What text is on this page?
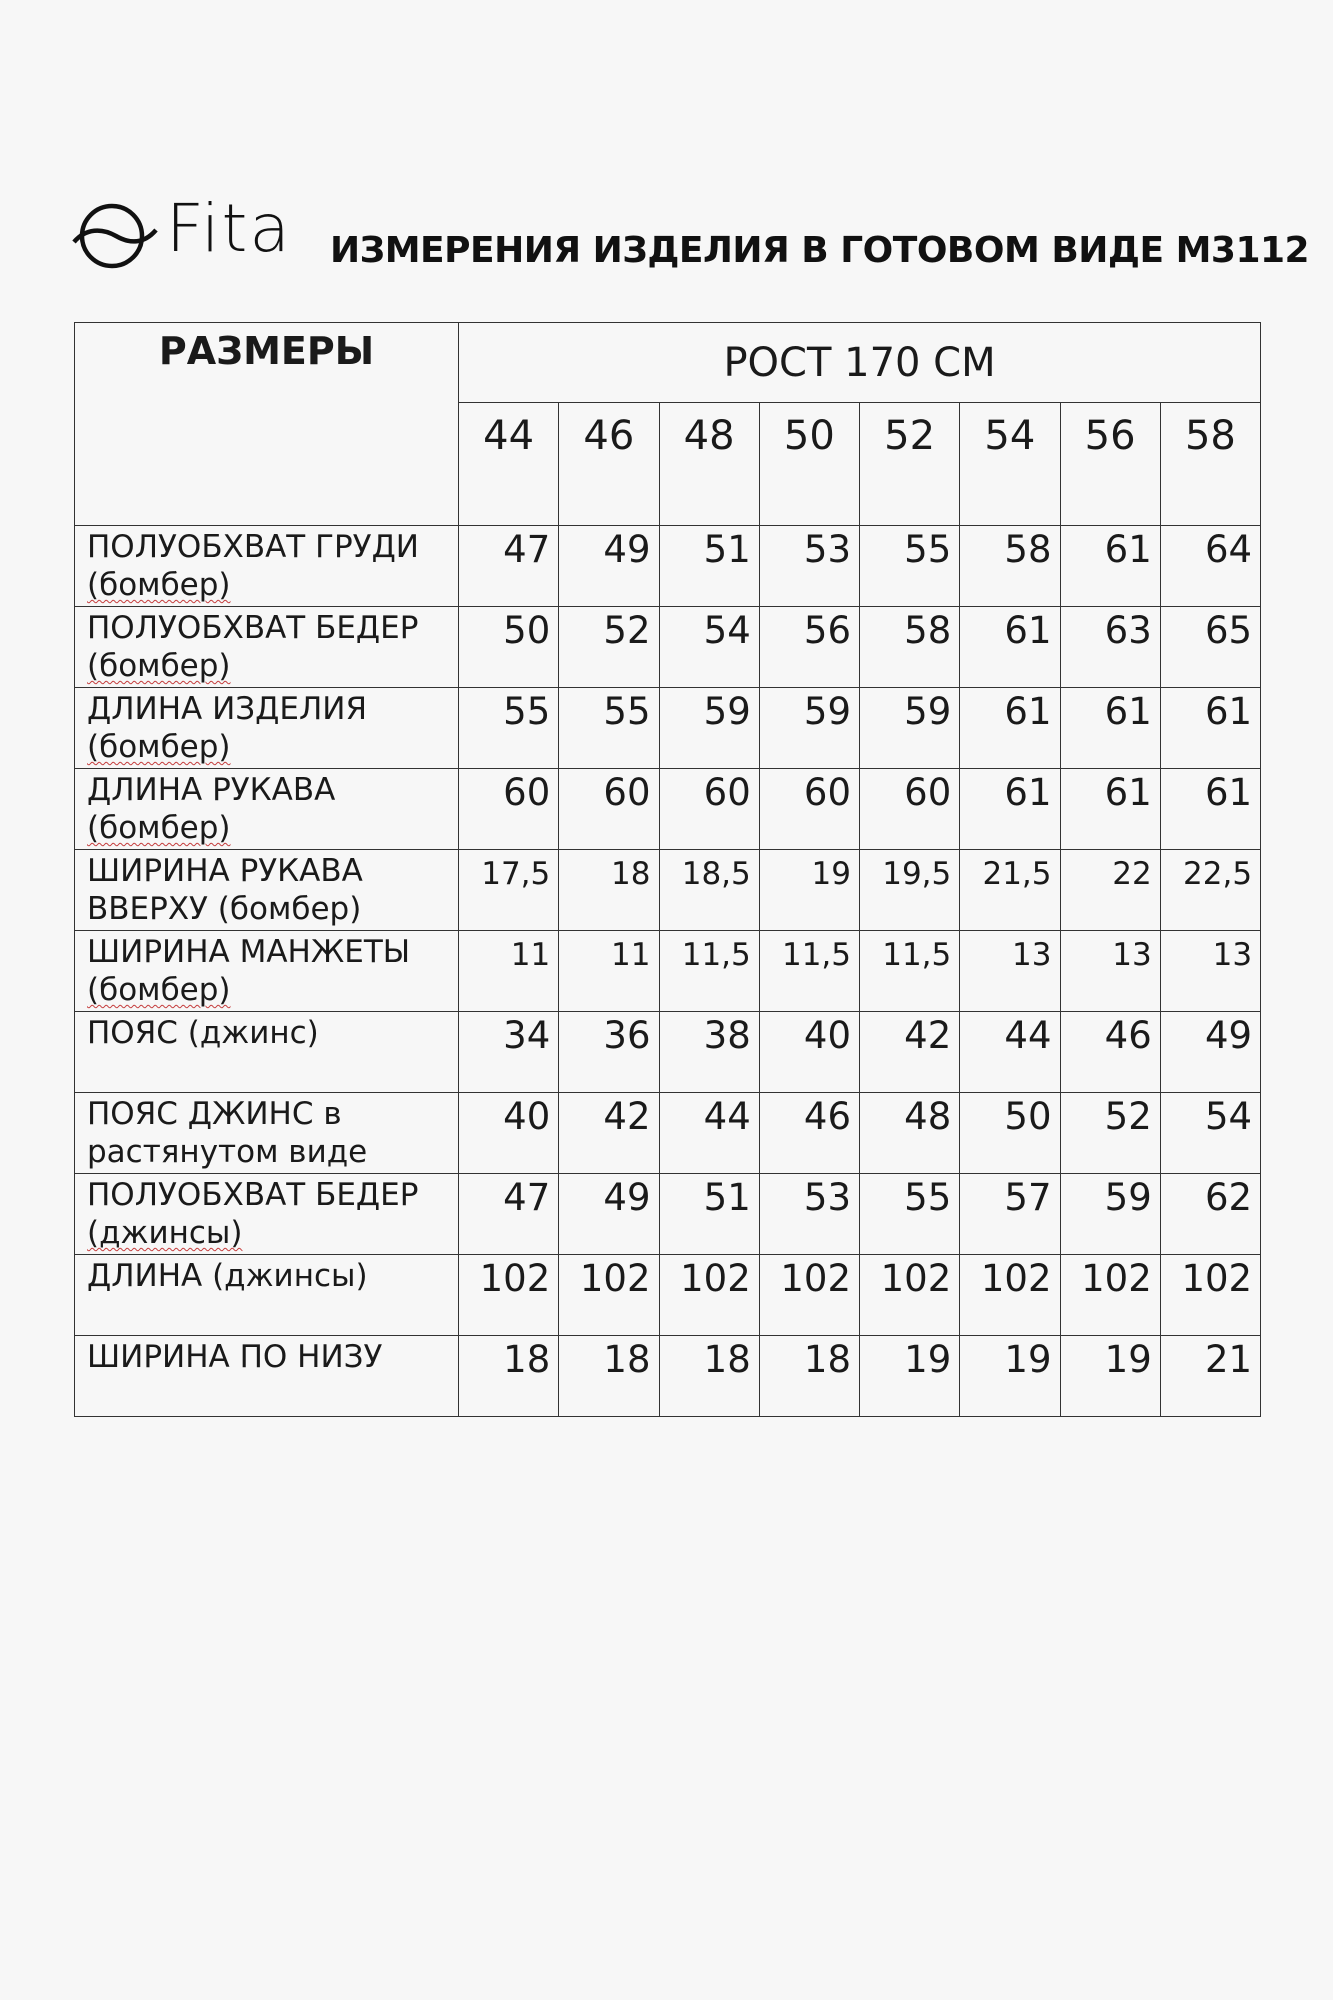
Fita ИЗМЕРЕНИЯ ИЗДЕЛИЯ В ГОТОВОМ ВИДЕ М3112
РАЗМЕРЫ	РОСТ 170 СМ							
	44	46	48	50	52	54	56	58

ПОЛУОБХВАТ ГРУДИ
(бомбер)	47	49	51	53	55	58	61	64

ПОЛУОБХВАТ БЕДЕР
(бомбер)	50	52	54	56	58	61	63	65

ДЛИНА ИЗДЕЛИЯ
(бомбер)	55	55	59	59	59	61	61	61

ДЛИНА РУКАВА
(бомбер)	60	60	60	60	60	61	61	61

ШИРИНА РУКАВА
ВВЕРХУ (бомбер)	17,5	18	18,5	19	19,5	21,5	22	22,5

ШИРИНА МАНЖЕТЫ
(бомбер)	11	11	11,5	11,5	11,5	13	13	13

ПОЯС (джинс)	34	36	38	40	42	44	46	49

ПОЯС ДЖИНС в
растянутом виде	40	42	44	46	48	50	52	54

ПОЛУОБХВАТ БЕДЕР
(джинсы)	47	49	51	53	55	57	59	62

ДЛИНА (джинсы)	102	102	102	102	102	102	102	102

ШИРИНА ПО НИЗУ	18	18	18	18	19	19	19	21
